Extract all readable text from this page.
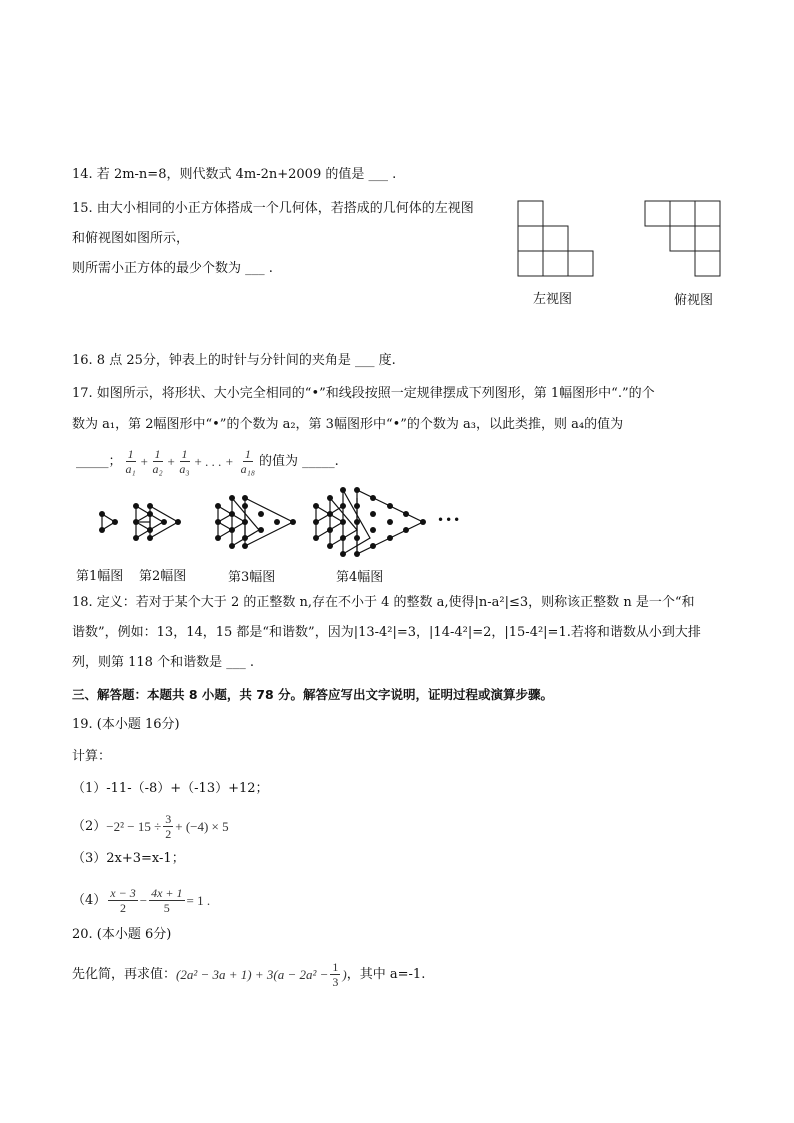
14. 若 2m-n=8，则代数式 4m-2n+2009 的值是 ___ .
15. 由大小相同的小正方体搭成一个几何体，若搭成的几何体的左视图
和俯视图如图所示，
则所需小正方体的最少个数为 ___ .
左视图	俯视图
16. 8 点 25分，钟表上的时针与分针间的夹角是 ___ 度.
17. 如图所示，将形状、大小完全相同的“•”和线段按照一定规律摆成下列图形，第 1幅图形中“.”的个
数为 a₁，第 2幅图形中“•”的个数为 a₂，第 3幅图形中“•”的个数为 a₃，以此类推，则 a₄的值为
_____； $\frac{1}{\text{a₁}} + \frac{1}{\text{a₂}} + \frac{1}{\text{a₃}}$ + . . . + $\frac{1}{\text{a₁₈}}$ 的值为 _____.
•••
第1幅图 第2幅图	第3幅图	第4幅图
18. 定义：若对于某个大于 2 的正整数 n,存在不小于 4 的整数 a,使得|n-a²|≤3，则称该正整数 n 是一个“和
谐数”，例如：13，14，15 都是“和谐数”，因为|13-4²|=3，|14-4²|=2，|15-4²|=1.若将和谐数从小到大排
列，则第 118 个和谐数是 ___ .
三、解答题：本题共 8 小题，共 78 分。解答应写出文字说明，证明过程或演算步骤。
19. (本小题 16分)
计算：
（1）-11-（-8）+（-13）+12；
$(2) -2^2 - 15 \div \frac{3}{2} + (-4) \times 5$
（3）2x+3=x-1；
$(4) \frac{x - 3}{2} - \frac{4x + 1}{5} = 1$ .
20. (本小题 6分)
先化简，再求值： $(2a^2 - 3a + 1) + 3(a - 2a^2 - \frac{1}{3}$ ) ，其中 a=-1.
